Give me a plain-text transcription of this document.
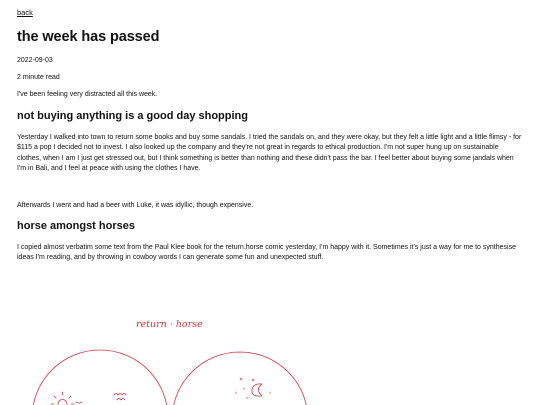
back
the week has passed
2022-09-03
2 minute read

I've been feeling very distracted all this week.

not buying anything is a good day shopping

Yesterday I walked into town to return some books and buy some sandals. I tried the sandals on, and they were okay, but they felt a little light and a little flimsy - for $115 a pop I decided not to invest. I also looked up the company and they're not great in regards to ethical production. I'm not super hung up on sustainable clothes, when I am I just get stressed out, but I think something is better than nothing and these didn't pass the bar. I feel better about buying some jandals when I'm in Bali, and I feel at peace with using the clothes I have.

Afterwards I went and had a beer with Luke, it was idyllic, though expensive.

horse amongst horses

I copied almost verbatim some text from the Paul Klee book for the return.horse comic yesterday, I'm happy with it. Sometimes it's just a way for me to synthesise ideas I'm reading, and by throwing in cowboy words I can generate some fun and unexpected stuff.

return · horse
